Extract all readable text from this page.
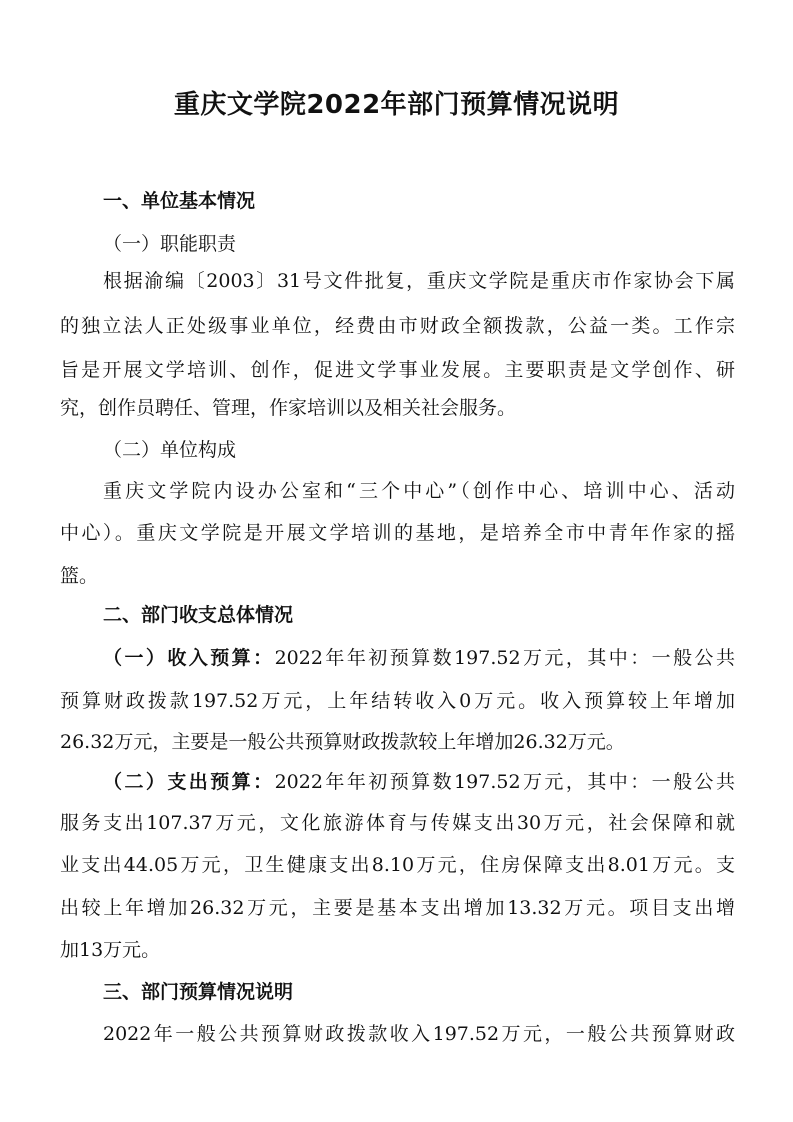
重庆文学院2022年部门预算情况说明
一、单位基本情况
（一）职能职责
根据渝编〔2003〕31号文件批复，重庆文学院是重庆市作家协会下属
的独立法人正处级事业单位，经费由市财政全额拨款，公益一类。工作宗
旨是开展文学培训、创作，促进文学事业发展。主要职责是文学创作、研
究，创作员聘任、管理，作家培训以及相关社会服务。
（二）单位构成
重庆文学院内设办公室和“三个中心”（创作中心、培训中心、活动
中心）。重庆文学院是开展文学培训的基地，是培养全市中青年作家的摇
篮。
二、部门收支总体情况
（一）收入预算：2022年年初预算数197.52万元，其中：一般公共
预算财政拨款197.52万元，上年结转收入0万元。收入预算较上年增加
26.32万元，主要是一般公共预算财政拨款较上年增加26.32万元。
（二）支出预算：2022年年初预算数197.52万元，其中：一般公共
服务支出107.37万元，文化旅游体育与传媒支出30万元，社会保障和就
业支出44.05万元，卫生健康支出8.10万元，住房保障支出8.01万元。支
出较上年增加26.32万元，主要是基本支出增加13.32万元。项目支出增
加13万元。
三、部门预算情况说明
2022年一般公共预算财政拨款收入197.52万元，一般公共预算财政
